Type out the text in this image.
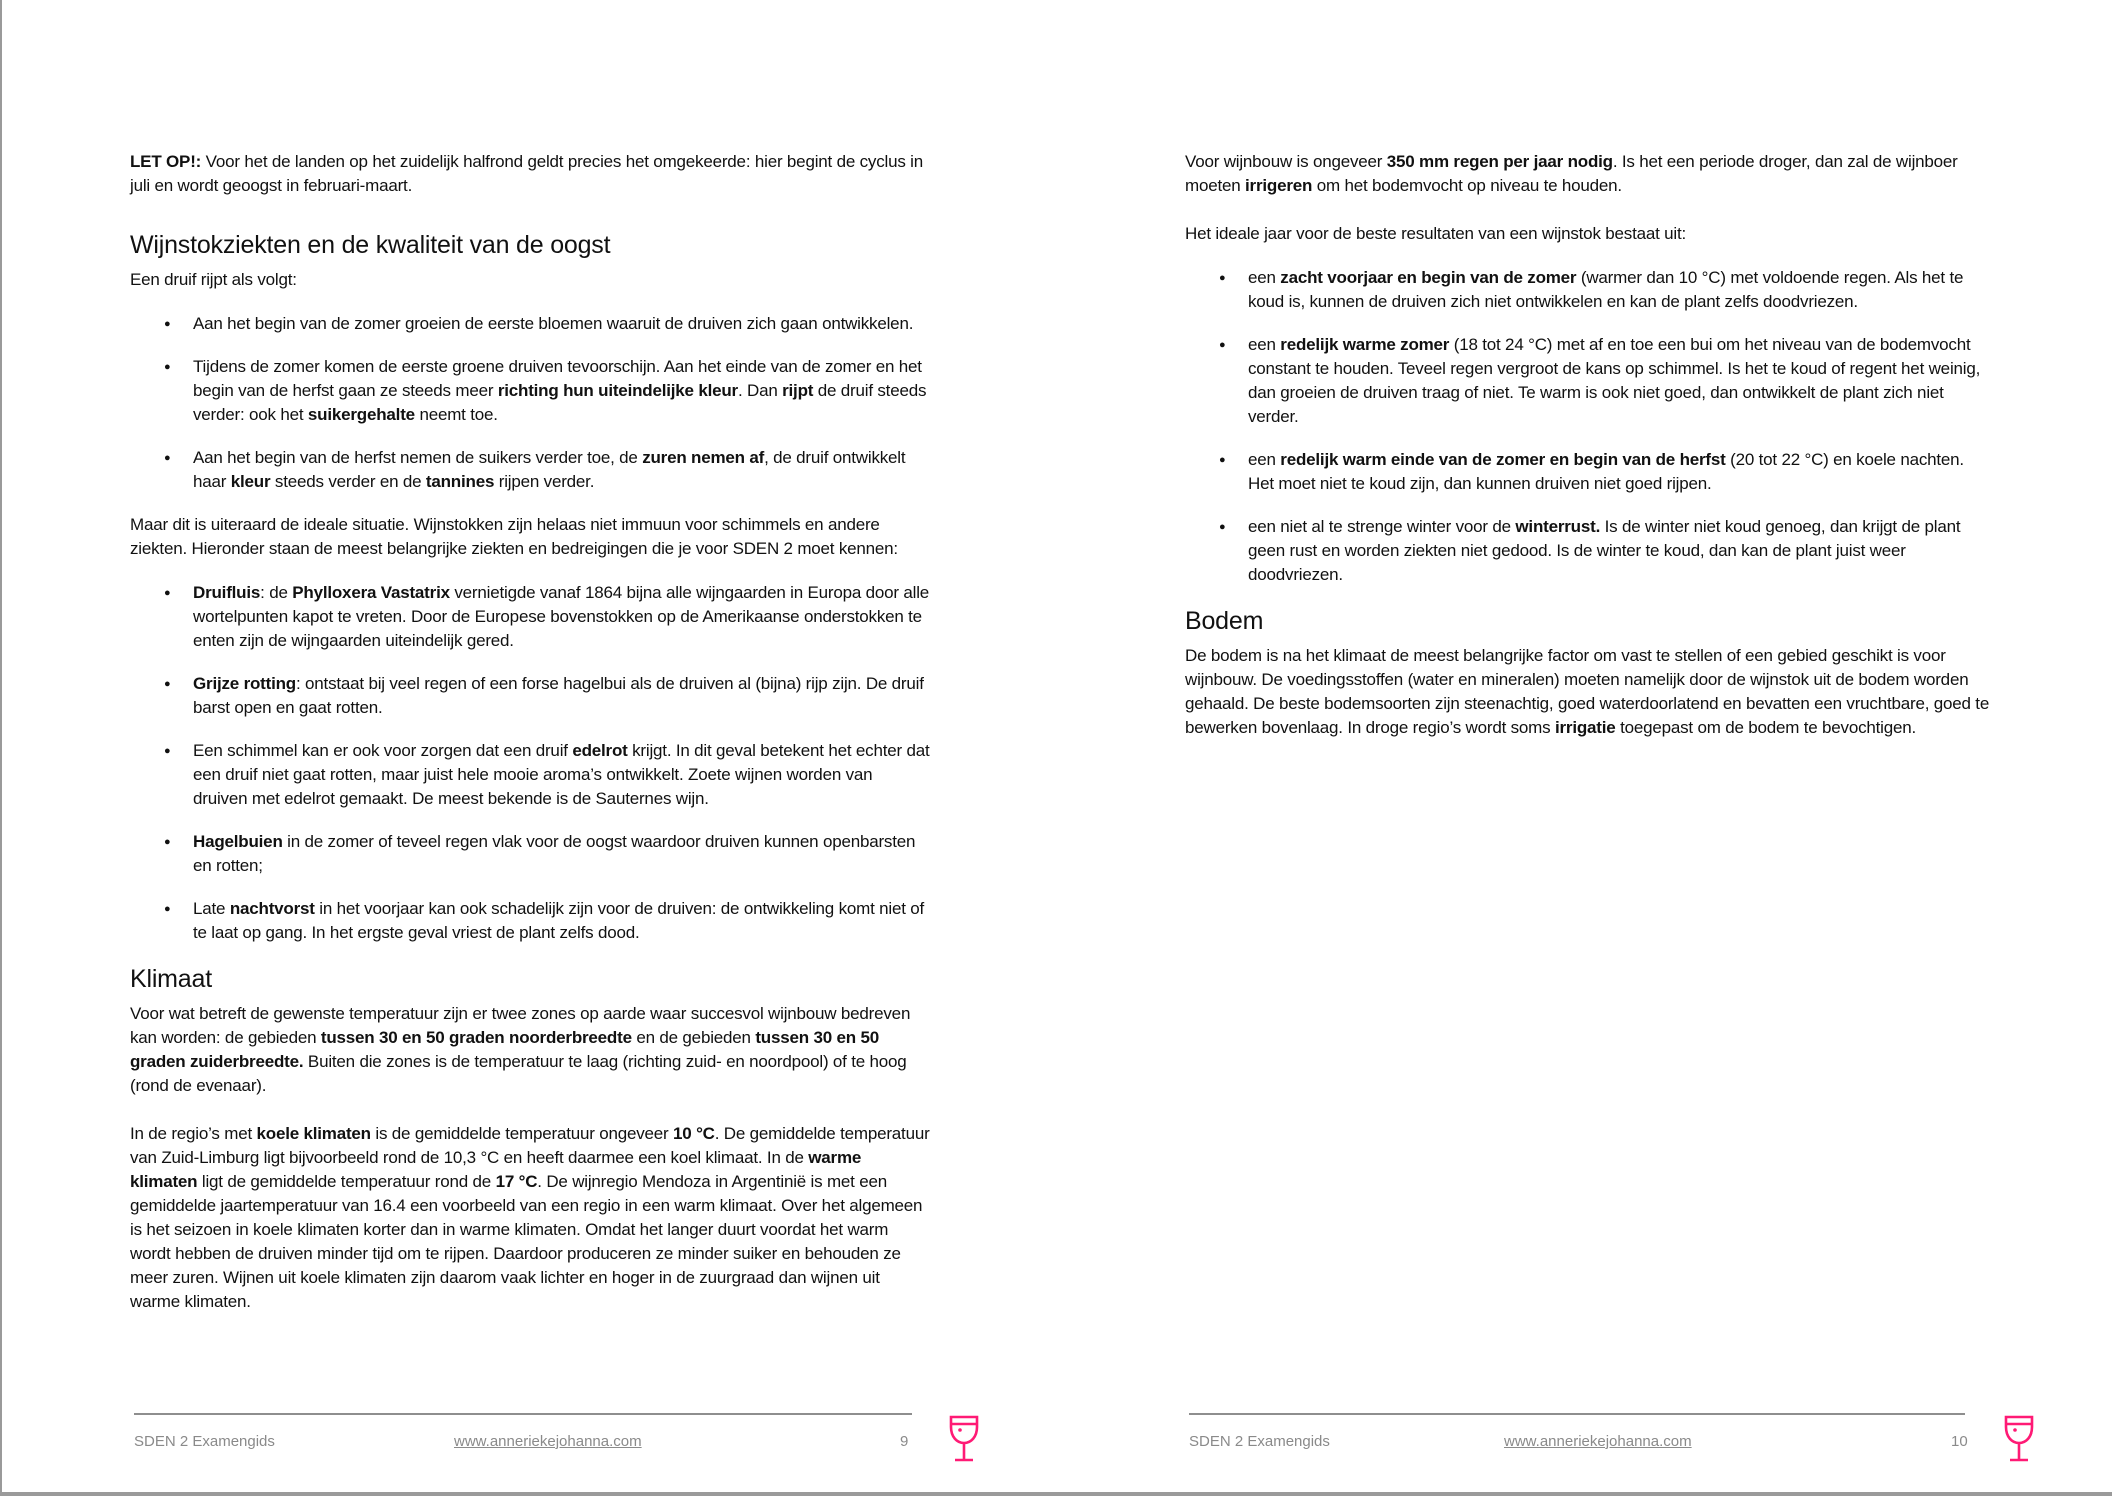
LET OP!: Voor het de landen op het zuidelijk halfrond geldt precies het omgekeerde: hier begint de cyclus in juli en wordt geoogst in februari-maart.

Wijnstokziekten en de kwaliteit van de oogst

Een druif rijpt als volgt:

● Aan het begin van de zomer groeien de eerste bloemen waaruit de druiven zich gaan ontwikkelen.
● Tijdens de zomer komen de eerste groene druiven tevoorschijn. Aan het einde van de zomer en het begin van de herfst gaan ze steeds meer richting hun uiteindelijke kleur. Dan rijpt de druif steeds verder: ook het suikergehalte neemt toe.
● Aan het begin van de herfst nemen de suikers verder toe, de zuren nemen af, de druif ontwikkelt haar kleur steeds verder en de tannines rijpen verder.

Maar dit is uiteraard de ideale situatie. Wijnstokken zijn helaas niet immuun voor schimmels en andere ziekten. Hieronder staan de meest belangrijke ziekten en bedreigingen die je voor SDEN 2 moet kennen:

● Druifluis: de Phylloxera Vastatrix vernietigde vanaf 1864 bijna alle wijngaarden in Europa door alle wortelpunten kapot te vreten. Door de Europese bovenstokken op de Amerikaanse onderstokken te enten zijn de wijngaarden uiteindelijk gered.
● Grijze rotting: ontstaat bij veel regen of een forse hagelbui als de druiven al (bijna) rijp zijn. De druif barst open en gaat rotten.
● Een schimmel kan er ook voor zorgen dat een druif edelrot krijgt. In dit geval betekent het echter dat een druif niet gaat rotten, maar juist hele mooie aroma’s ontwikkelt. Zoete wijnen worden van druiven met edelrot gemaakt. De meest bekende is de Sauternes wijn.
● Hagelbuien in de zomer of teveel regen vlak voor de oogst waardoor druiven kunnen openbarsten en rotten;
● Late nachtvorst in het voorjaar kan ook schadelijk zijn voor de druiven: de ontwikkeling komt niet of te laat op gang. In het ergste geval vriest de plant zelfs dood.
Klimaat

Voor wat betreft de gewenste temperatuur zijn er twee zones op aarde waar succesvol wijnbouw bedreven kan worden: de gebieden tussen 30 en 50 graden noorderbreedte en de gebieden tussen 30 en 50 graden zuiderbreedte. Buiten die zones is de temperatuur te laag (richting zuid- en noordpool) of te hoog (rond de evenaar).

In de regio’s met koele klimaten is de gemiddelde temperatuur ongeveer 10 °C. De gemiddelde temperatuur van Zuid-Limburg ligt bijvoorbeeld rond de 10,3 °C en heeft daarmee een koel klimaat. In de warme klimaten ligt de gemiddelde temperatuur rond de 17 °C. De wijnregio Mendoza in Argentinië is met een gemiddelde jaartemperatuur van 16.4 een voorbeeld van een regio in een warm klimaat. Over het algemeen is het seizoen in koele klimaten korter dan in warme klimaten. Omdat het langer duurt voordat het warm wordt hebben de druiven minder tijd om te rijpen. Daardoor produceren ze minder suiker en behouden ze meer zuren. Wijnen uit koele klimaten zijn daarom vaak lichter en hoger in de zuurgraad dan wijnen uit warme klimaten.

SDEN 2 Examengids	www.anneriekejohanna.com	9

Voor wijnbouw is ongeveer 350 mm regen per jaar nodig. Is het een periode droger, dan zal de wijnboer moeten irrigeren om het bodemvocht op niveau te houden.

Het ideale jaar voor de beste resultaten van een wijnstok bestaat uit:

● een zacht voorjaar en begin van de zomer (warmer dan 10 °C) met voldoende regen. Als het te koud is, kunnen de druiven zich niet ontwikkelen en kan de plant zelfs doodvriezen.
● een redelijk warme zomer (18 tot 24 °C) met af en toe een bui om het niveau van de bodemvocht constant te houden. Teveel regen vergroot de kans op schimmel. Is het te koud of regent het weinig, dan groeien de druiven traag of niet. Te warm is ook niet goed, dan ontwikkelt de plant zich niet verder.
● een redelijk warm einde van de zomer en begin van de herfst (20 tot 22 °C) en koele nachten. Het moet niet te koud zijn, dan kunnen druiven niet goed rijpen.
● een niet al te strenge winter voor de winterrust. Is de winter niet koud genoeg, dan krijgt de plant geen rust en worden ziekten niet gedood. Is de winter te koud, dan kan de plant juist weer doodvriezen.
Bodem

De bodem is na het klimaat de meest belangrijke factor om vast te stellen of een gebied geschikt is voor wijnbouw. De voedingsstoffen (water en mineralen) moeten namelijk door de wijnstok uit de bodem worden gehaald. De beste bodemsoorten zijn steenachtig, goed waterdoorlatend en bevatten een vruchtbare, goed te bewerken bovenlaag. In droge regio’s wordt soms irrigatie toegepast om de bodem te bevochtigen.

SDEN 2 Examengids	www.anneriekejohanna.com	10
